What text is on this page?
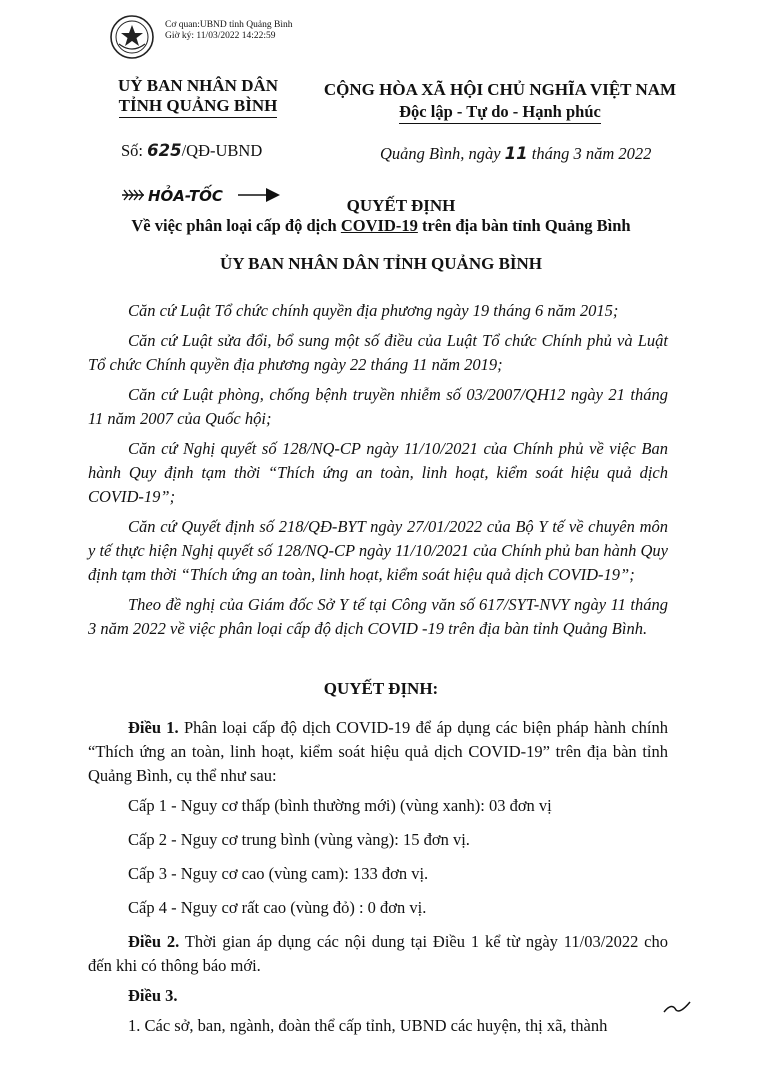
Cơ quan:UBND tỉnh Quảng Bình
Giờ ký: 11/03/2022 14:22:59
UỶ BAN NHÂN DÂN
TỈNH QUẢNG BÌNH
CỘNG HÒA XÃ HỘI CHỦ NGHĨA VIỆT NAM
Độc lập - Tự do - Hạnh phúc
Số: 625/QĐ-UBND	Quảng Bình, ngày 11 tháng 3 năm 2022
HỎA-TỐC	QUYẾT ĐỊNH
Về việc phân loại cấp độ dịch COVID-19 trên địa bàn tỉnh Quảng Bình
ỦY BAN NHÂN DÂN TỈNH QUẢNG BÌNH

Căn cứ Luật Tổ chức chính quyền địa phương ngày 19 tháng 6 năm 2015;

Căn cứ Luật sửa đổi, bổ sung một số điều của Luật Tổ chức Chính phủ và Luật Tổ chức Chính quyền địa phương ngày 22 tháng 11 năm 2019;

Căn cứ Luật phòng, chống bệnh truyền nhiễm số 03/2007/QH12 ngày 21 tháng 11 năm 2007 của Quốc hội;

Căn cứ Nghị quyết số 128/NQ-CP ngày 11/10/2021 của Chính phủ về việc Ban hành Quy định tạm thời “Thích ứng an toàn, linh hoạt, kiểm soát hiệu quả dịch COVID-19”;

Căn cứ Quyết định số 218/QĐ-BYT ngày 27/01/2022 của Bộ Y tế về chuyên môn y tế thực hiện Nghị quyết số 128/NQ-CP ngày 11/10/2021 của Chính phủ ban hành Quy định tạm thời “Thích ứng an toàn, linh hoạt, kiểm soát hiệu quả dịch COVID-19”;

Theo đề nghị của Giám đốc Sở Y tế tại Công văn số 617/SYT-NVY ngày 11 tháng 3 năm 2022 về việc phân loại cấp độ dịch COVID -19 trên địa bàn tỉnh Quảng Bình.

QUYẾT ĐỊNH:

Điều 1. Phân loại cấp độ dịch COVID-19 để áp dụng các biện pháp hành chính “Thích ứng an toàn, linh hoạt, kiểm soát hiệu quả dịch COVID-19” trên địa bàn tỉnh Quảng Bình, cụ thể như sau:

Cấp 1 - Nguy cơ thấp (bình thường mới) (vùng xanh): 03 đơn vị

Cấp 2 - Nguy cơ trung bình (vùng vàng): 15 đơn vị.

Cấp 3 - Nguy cơ cao (vùng cam): 133 đơn vị.

Cấp 4 - Nguy cơ rất cao (vùng đỏ) : 0 đơn vị.

Điều 2. Thời gian áp dụng các nội dung tại Điều 1 kể từ ngày 11/03/2022 cho đến khi có thông báo mới.

Điều 3.

1. Các sở, ban, ngành, đoàn thể cấp tỉnh, UBND các huyện, thị xã, thành
